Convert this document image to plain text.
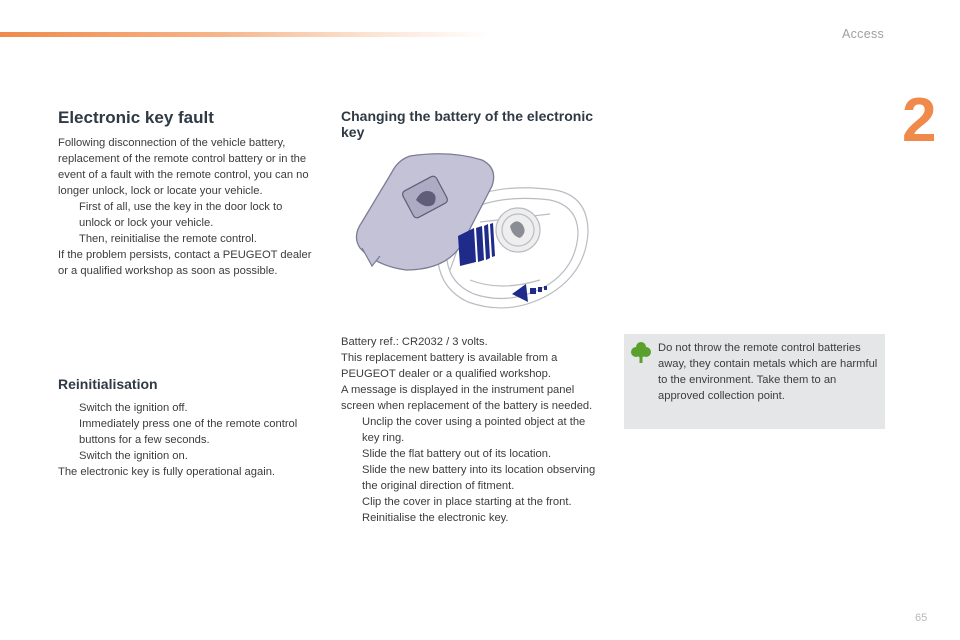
Access
2
Electronic key fault

Following disconnection of the vehicle battery, replacement of the remote control battery or in the event of a fault with the remote control, you can no longer unlock, lock or locate your vehicle.

First of all, use the key in the door lock to unlock or lock your vehicle.
Then, reinitialise the remote control.

If the problem persists, contact a PEUGEOT dealer or a qualified workshop as soon as possible.

Reinitialisation
Switch the ignition off.
Immediately press one of the remote control buttons for a few seconds.
Switch the ignition on.

The electronic key is fully operational again.

Changing the battery of the electronic key

Battery ref.: CR2032 / 3 volts.

This replacement battery is available from a PEUGEOT dealer or a qualified workshop.

A message is displayed in the instrument panel screen when replacement of the battery is needed.

Unclip the cover using a pointed object at the key ring.
Slide the flat battery out of its location.
Slide the new battery into its location observing the original direction of fitment.
Clip the cover in place starting at the front.
Reinitialise the electronic key.
Do not throw the remote control batteries away, they contain metals which are harmful to the environment. Take them to an approved collection point.
65
